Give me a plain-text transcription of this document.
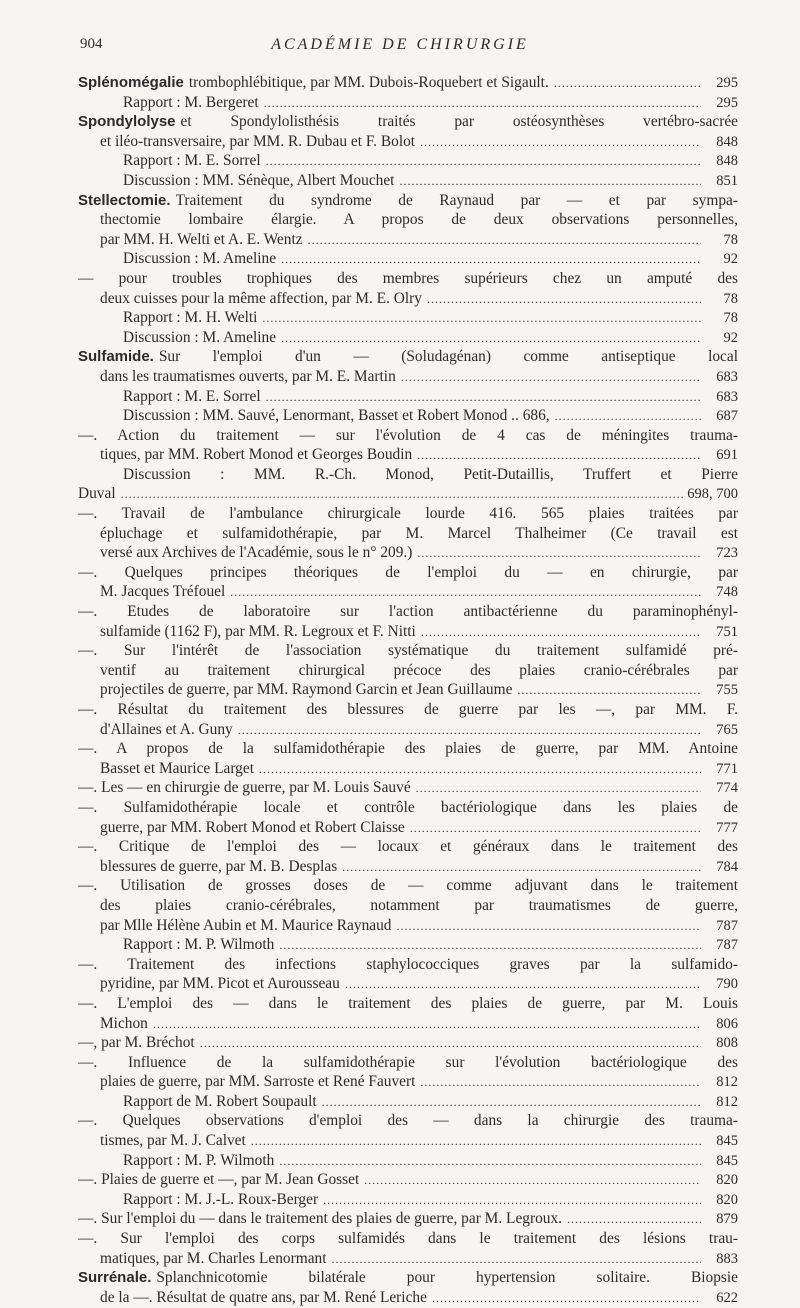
904	ACADÉMIE DE CHIRURGIE
Splénomégalie trombophlébitique, par MM. Dubois-Roquebert et Sigault. . . .	295
Rapport : M. Bergeret . . .	295
Spondylolyse et Spondylolisthésis traités par ostéosynthèses vertébro-sacrée
et iléo-transversaire, par MM. R. Dubau et F. Bolot . . .	848
Rapport : M. E. Sorrel . . .	848
Discussion : MM. Sénèque, Albert Mouchet . . .	851
Stellectomie. Traitement du syndrome de Raynaud par — et par sympa-
thectomie lombaire élargie. A propos de deux observations personnelles,
par MM. H. Welti et A. E. Wentz . . .	78
Discussion : M. Ameline . . .	92
— pour troubles trophiques des membres supérieurs chez un amputé des
deux cuisses pour la même affection, par M. E. Olry . . .	78
Rapport : M. H. Welti . . .	78
Discussion : M. Ameline . . .	92
Sulfamide. Sur l'emploi d'un — (Soludagénan) comme antiseptique local
dans les traumatismes ouverts, par M. E. Martin . . .	683
Rapport : M. E. Sorrel . . .	683
Discussion : MM. Sauvé, Lenormant, Basset et Robert Monod .. 686, . . .	687
—. Action du traitement — sur l'évolution de 4 cas de méningites trauma-
tiques, par MM. Robert Monod et Georges Boudin . . .	691
Discussion : MM. R.-Ch. Monod, Petit-Dutaillis, Truffert et Pierre
Duval . . .	698, 700
—. Travail de l'ambulance chirurgicale lourde 416. 565 plaies traitées par
épluchage et sulfamidothérapie, par M. Marcel Thalheimer (Ce travail est
versé aux Archives de l'Académie, sous le n° 209.) . . .	723
—. Quelques principes théoriques de l'emploi du — en chirurgie, par
M. Jacques Tréfouel . . .	748
—. Etudes de laboratoire sur l'action antibactérienne du paraminophényl-
sulfamide (1162 F), par MM. R. Legroux et F. Nitti . . .	751
—. Sur l'intérêt de l'association systématique du traitement sulfamidé pré-
ventif au traitement chirurgical précoce des plaies cranio-cérébrales par
projectiles de guerre, par MM. Raymond Garcin et Jean Guillaume . . .	755
—. Résultat du traitement des blessures de guerre par les —, par MM. F.
d'Allaines et A. Guny . . .	765
—. A propos de la sulfamidothérapie des plaies de guerre, par MM. Antoine
Basset et Maurice Larget . . .	771
—. Les — en chirurgie de guerre, par M. Louis Sauvé . . .	774
—. Sulfamidothérapie locale et contrôle bactériologique dans les plaies de
guerre, par MM. Robert Monod et Robert Claisse . . .	777
—. Critique de l'emploi des — locaux et généraux dans le traitement des
blessures de guerre, par M. B. Desplas . . .	784
—. Utilisation de grosses doses de — comme adjuvant dans le traitement
des plaies cranio-cérébrales, notamment par traumatismes de guerre,
par Mlle Hélène Aubin et M. Maurice Raynaud . . .	787
Rapport : M. P. Wilmoth . . .	787
—. Traitement des infections staphylococciques graves par la sulfamido-
pyridine, par MM. Picot et Aurousseau . . .	790
—. L'emploi des — dans le traitement des plaies de guerre, par M. Louis
Michon . . .	806
—, par M. Bréchot . . .	808
—. Influence de la sulfamidothérapie sur l'évolution bactériologique des
plaies de guerre, par MM. Sarroste et René Fauvert . . .	812
Rapport de M. Robert Soupault . . .	812
—. Quelques observations d'emploi des — dans la chirurgie des trauma-
tismes, par M. J. Calvet . . .	845
Rapport : M. P. Wilmoth . . .	845
—. Plaies de guerre et —, par M. Jean Gosset . . .	820
Rapport : M. J.-L. Roux-Berger . . .	820
—. Sur l'emploi du — dans le traitement des plaies de guerre, par M. Legroux. . . .	879
—. Sur l'emploi des corps sulfamidés dans le traitement des lésions trau-
matiques, par M. Charles Lenormant . . .	883
Surrénale. Splanchnicotomie bilatérale pour hypertension solitaire. Biopsie
de la —. Résultat de quatre ans, par M. René Leriche . . .	622
